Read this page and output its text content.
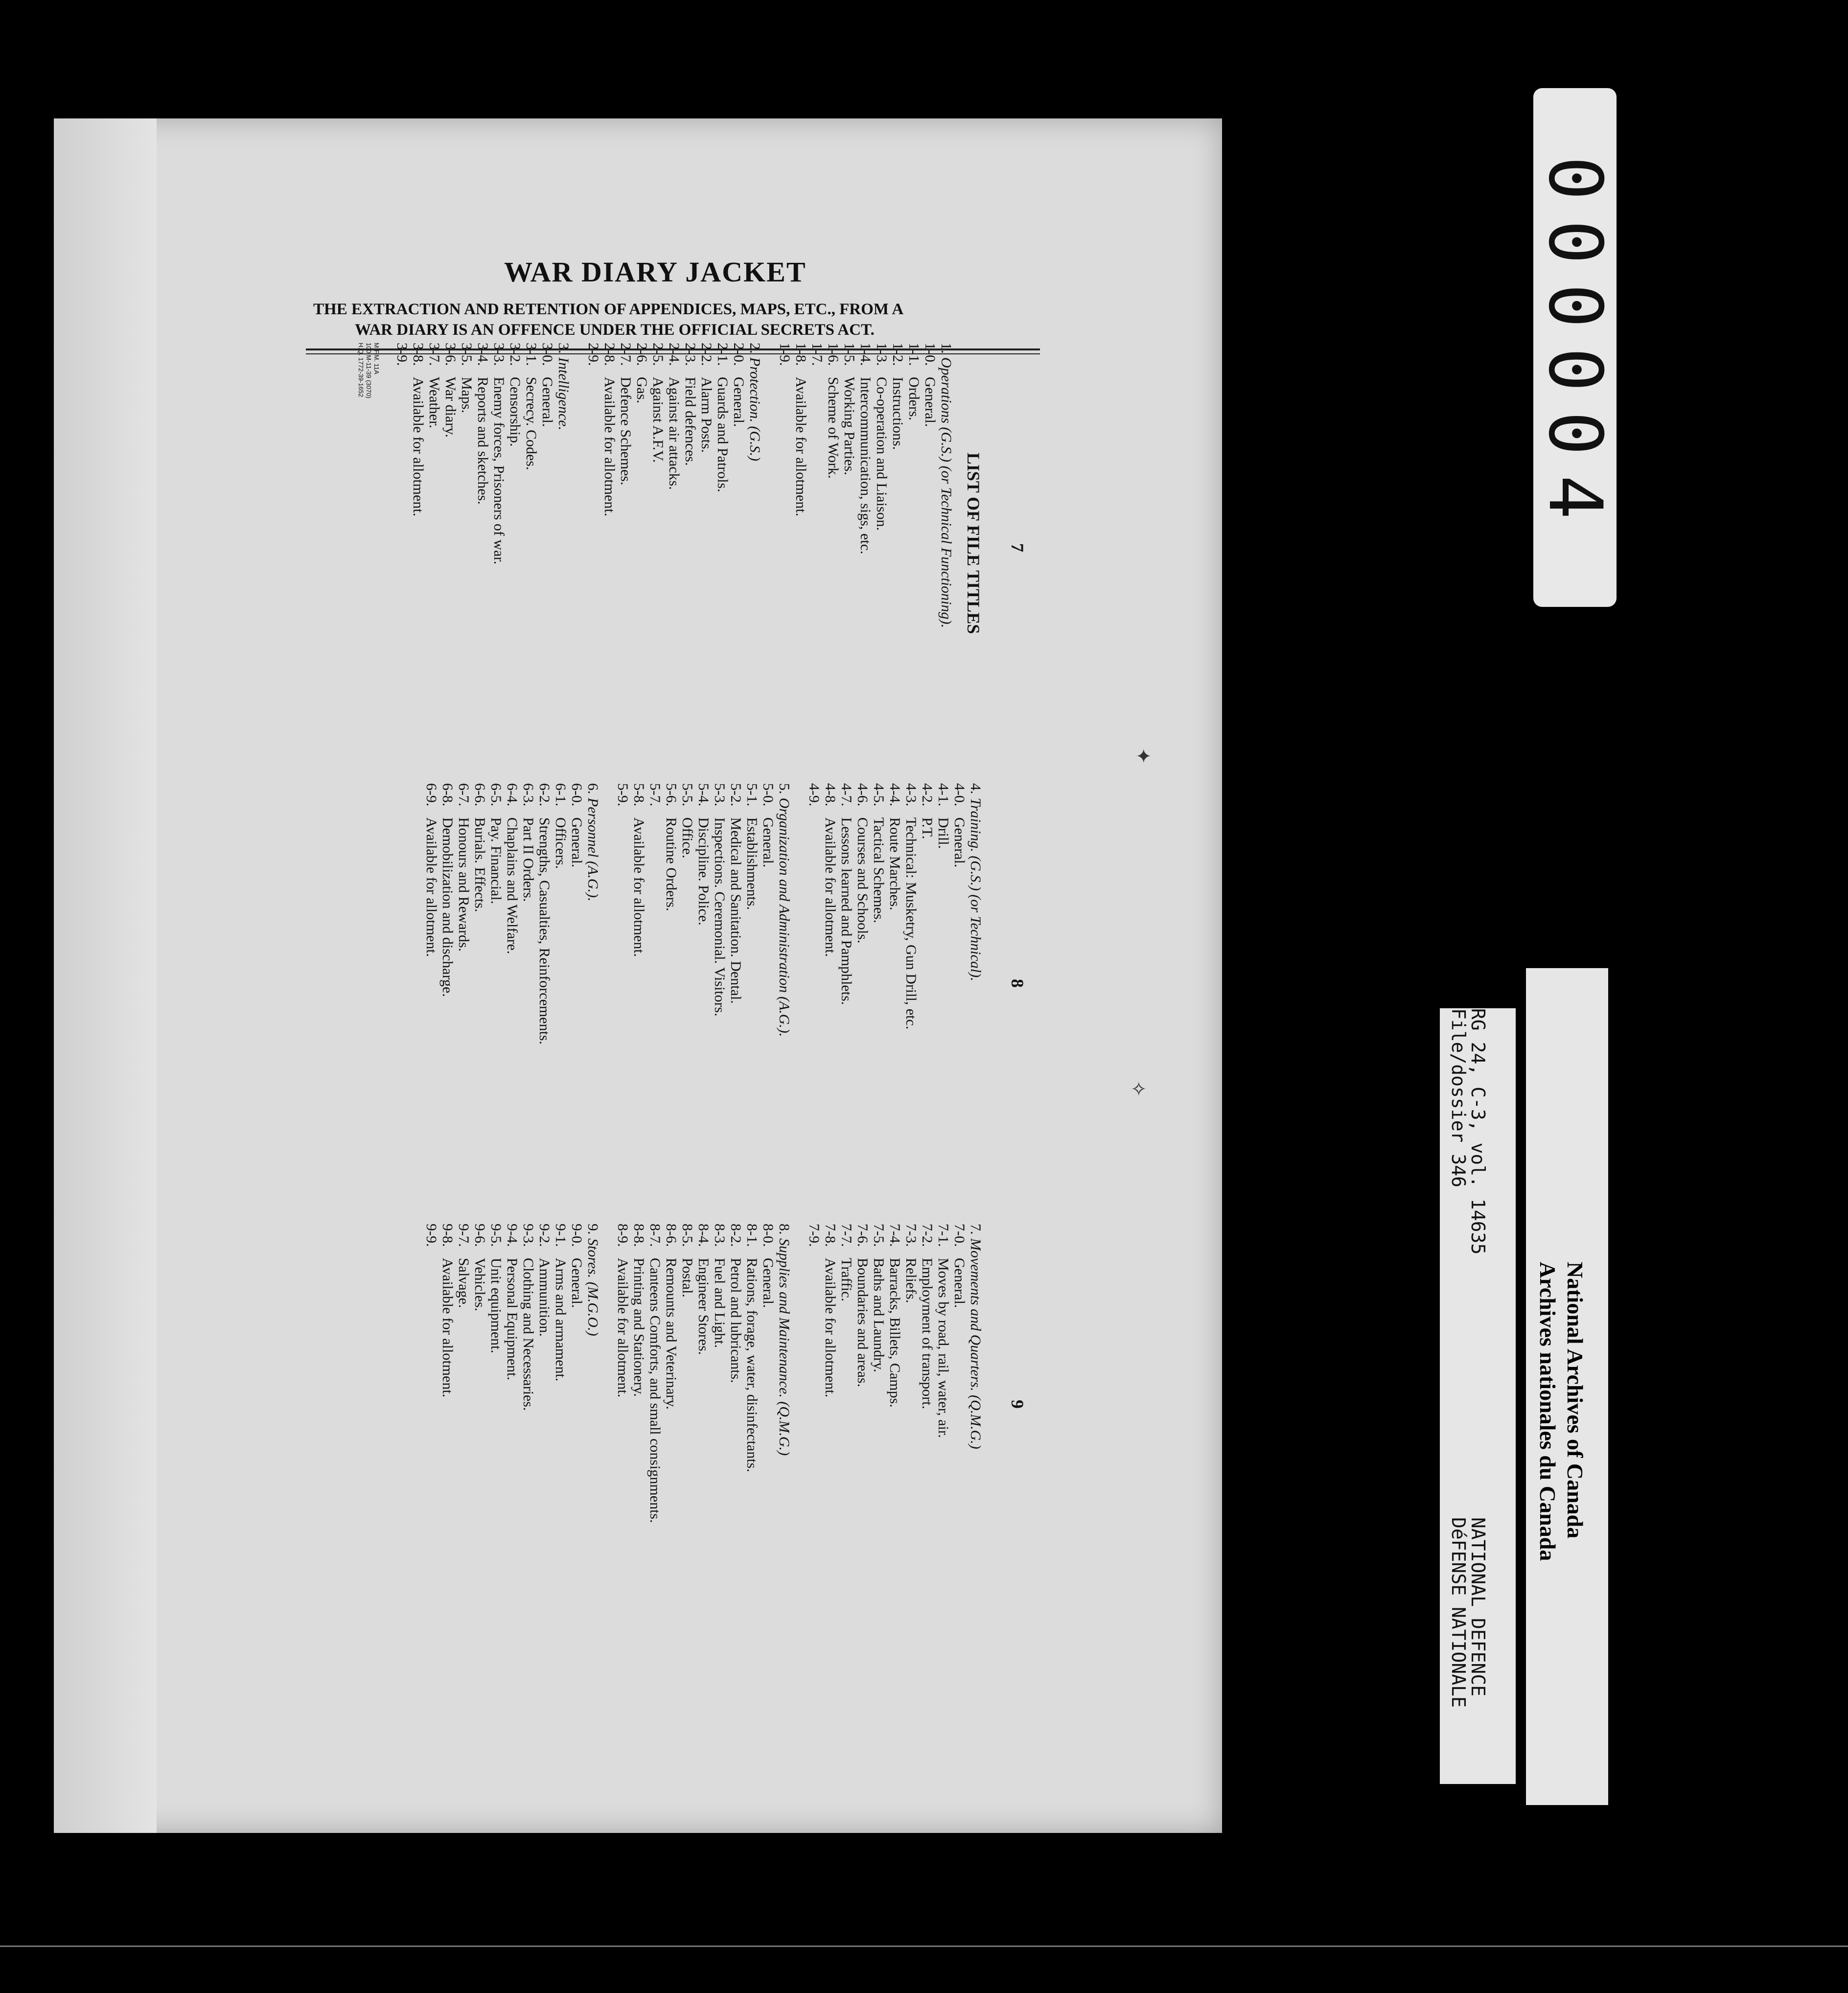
WAR DIARY JACKET
THE EXTRACTION AND RETENTION OF APPENDICES, MAPS, ETC., FROM A
WAR DIARY IS AN OFFENCE UNDER THE OFFICIAL SECRETS ACT.
✦
✧
LIST OF FILE TITLES 7
8
9
1. Operations (G.S.) (or Technical Functioning).
1-0.General.
1-1.Orders.
1-2.Instructions.
1-3.Co-operation and Liaison.
1-4.Intercommunication, sigs, etc.
1-5.Working Parties.
1-6.Scheme of Work.
1-7.
1-8.Available for allotment.
1-9.
2. Protection. (G.S.)
2-0.General.
2-1.Guards and Patrols.
2-2.Alarm Posts.
2-3.Field defences.
2-4.Against air attacks.
2-5.Against A.F.V.
2-6.Gas.
2-7.Defence Schemes.
2-8.Available for allotment.
2-9.
3. Intelligence.
3-0.General.
3-1.Secrecy. Codes.
3-2.Censorship.
3-3.Enemy forces, Prisoners of war.
3-4.Reports and sketches.
3-5.Maps.
3-6.War diary.
3-7.Weather.
3-8.Available for allotment.
3-9.
M.F.M. 11A
100 M-11-39 (3070)
H.Q. 1772-39-1652
4. Training. (G.S.) (or Technical).
4-0.General.
4-1.Drill.
4-2.P.T.
4-3.Technical: Musketry, Gun Drill, etc.
4-4.Route Marches.
4-5.Tactical Schemes.
4-6.Courses and Schools.
4-7.Lessons learned and Pamphlets.
4-8.Available for allotment.
4-9.
5. Organization and Administration (A.G.).
5-0.General.
5-1.Establishments.
5-2.Medical and Sanitation. Dental.
5-3.Inspections. Ceremonial. Visitors.
5-4.Discipline. Police.
5-5.Office.
5-6.Routine Orders.
5-7.
5-8.Available for allotment.
5-9.
6. Personnel (A.G.).
6-0.General.
6-1.Officers.
6-2.Strengths, Casualties, Reinforcements.
6-3.Part II Orders.
6-4.Chaplains and Welfare.
6-5.Pay. Financial.
6-6.Burials. Effects.
6-7.Honours and Rewards.
6-8.Demobilization and discharge.
6-9.Available for allotment.
7. Movements and Quarters. (Q.M.G.)
7-0.General.
7-1.Moves by road, rail, water, air.
7-2.Employment of transport.
7-3.Reliefs.
7-4.Barracks, Billets, Camps.
7-5.Baths and Laundry.
7-6.Boundaries and areas.
7-7.Traffic.
7-8.Available for allotment.
7-9.
8. Supplies and Maintenance. (Q.M.G.)
8-0.General.
8-1.Rations, forage, water, disinfectants.
8-2.Petrol and lubricants.
8-3.Fuel and Light.
8-4.Engineer Stores.
8-5.Postal.
8-6.Remounts and Veterinary.
8-7.Canteens Comforts, and small consignments.
8-8.Printing and Stationery.
8-9.Available for allotment.
9. Stores. (M.G.O.)
9-0.General.
9-1.Arms and armament.
9-2.Ammunition.
9-3.Clothing and Necessaries.
9-4.Personal Equipment.
9-5.Unit equipment.
9-6.Vehicles.
9-7.Salvage.
9-8.Available for allotment.
9-9.
000004
NATIONAL DEFENCE
DéFENSE NATIONALE
RG 24, C-3, vol. 14635
File/dossier 346
National Archives of Canada
Archives nationales du Canada
